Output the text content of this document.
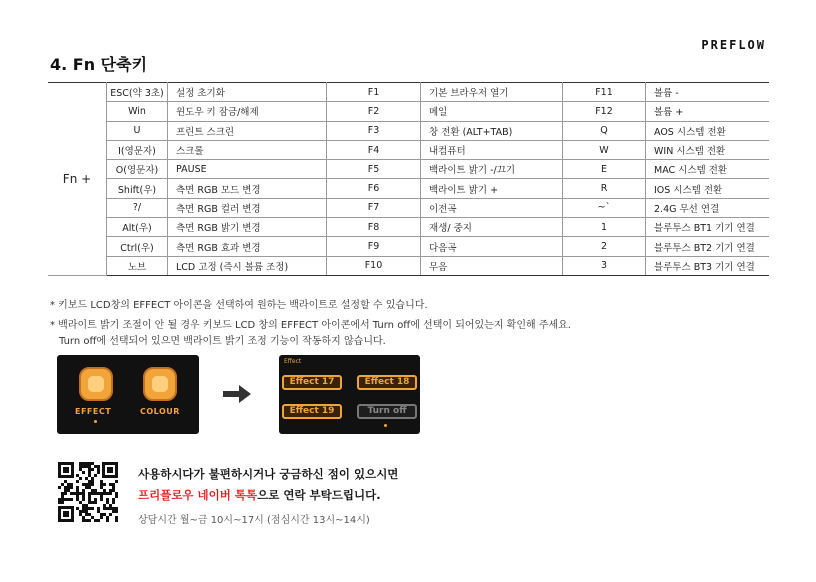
4. Fn 단축키
PREFLOW
Fn +	ESC(약 3초)	설정 초기화	F1	기본 브라우저 열기	F11	볼륨 -
	Win	윈도우 키 잠금/해제	F2	메일	F12	볼륨 +
	U	프린트 스크린	F3	창 전환 (ALT+TAB)	Q	AOS 시스템 전환
	I(영문자)	스크롤	F4	내컴퓨터	W	WIN 시스템 전환
	O(영문자)	PAUSE	F5	백라이트 밝기 -/끄기	E	MAC 시스템 전환
	Shift(우)	측면 RGB 모드 변경	F6	백라이트 밝기 +	R	IOS 시스템 전환
	?/	측면 RGB 컬러 변경	F7	이전곡	~`	2.4G 무선 연결
	Alt(우)	측면 RGB 밝기 변경	F8	재생/ 중지	1	블루투스 BT1 기기 연결
	Ctrl(우)	측면 RGB 효과 변경	F9	다음곡	2	블루투스 BT2 기기 연결
	노브	LCD 고정 (즉시 볼륨 조정)	F10	무음	3	블루투스 BT3 기기 연결
* 키보드 LCD창의 EFFECT 아이콘을 선택하여 원하는 백라이트로 설정할 수 있습니다.
* 백라이트 밝기 조절이 안 될 경우 키보드 LCD 창의 EFFECT 아이콘에서 Turn off에 선택이 되어있는지 확인해 주세요.
Turn off에 선택되어 있으면 백라이트 밝기 조정 기능이 작동하지 않습니다.
EFFECT	COLOUR
Effect
Effect 17	Effect 18
Effect 19	Turn off
사용하시다가 불편하시거나 궁금하신 점이 있으시면
프리플로우 네이버 톡톡으로 연락 부탁드립니다.
상담시간 월~금 10시~17시 (점심시간 13시~14시)
